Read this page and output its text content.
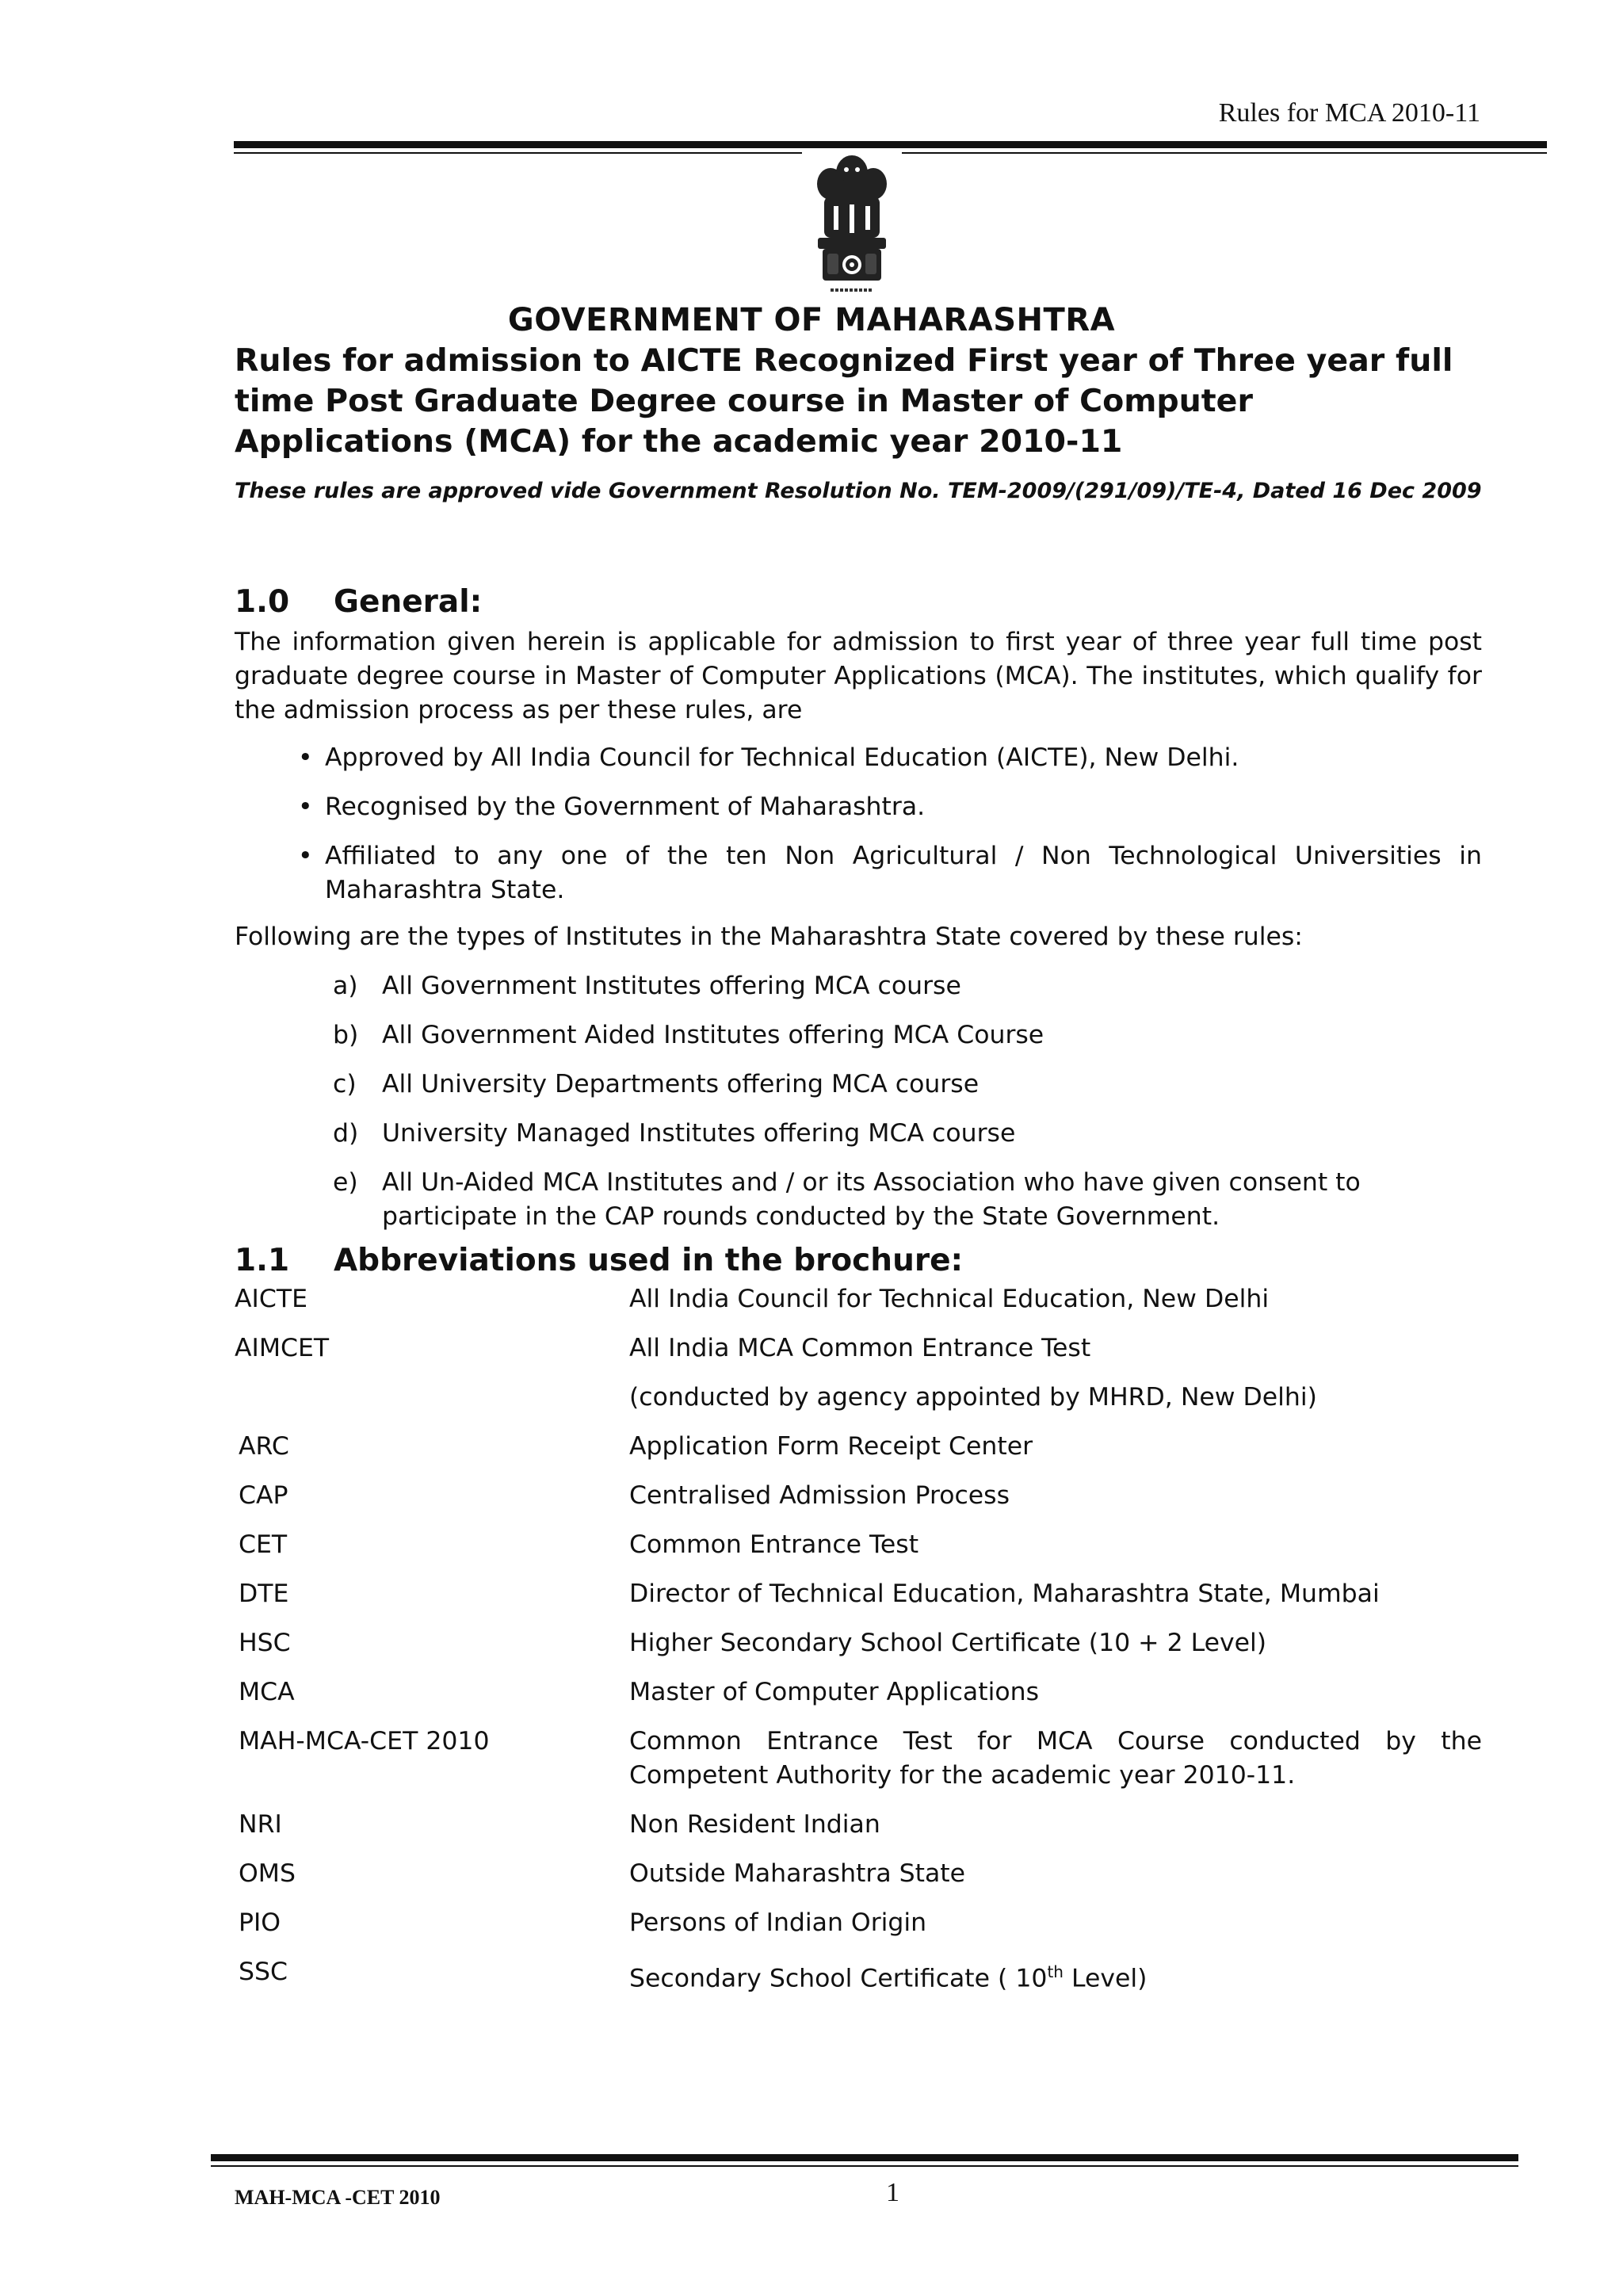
Rules for MCA 2010-11
GOVERNMENT OF MAHARASHTRA
Rules for admission to AICTE Recognized First year of Three year full time Post Graduate Degree course in Master of Computer Applications (MCA) for the academic year 2010-11
These rules are approved vide Government Resolution No. TEM-2009/(291/09)/TE-4, Dated 16 Dec 2009
1.0 General:
The information given herein is applicable for admission to first year of three year full time post graduate degree course in Master of Computer Applications (MCA). The institutes, which qualify for the admission process as per these rules, are
• Approved by All India Council for Technical Education (AICTE), New Delhi.
• Recognised by the Government of Maharashtra.
• Affiliated to any one of the ten Non Agricultural / Non Technological Universities in Maharashtra State.
Following are the types of Institutes in the Maharashtra State covered by these rules:
a) All Government Institutes offering MCA course
b) All Government Aided Institutes offering MCA Course
c) All University Departments offering MCA course
d) University Managed Institutes offering MCA course
e) All Un-Aided MCA Institutes and / or its Association who have given consent to participate in the CAP rounds conducted by the State Government.
1.1 Abbreviations used in the brochure:
AICTE	All India Council for Technical Education, New Delhi
AIMCET	All India MCA Common Entrance Test
(conducted by agency appointed by MHRD, New Delhi)
ARC	Application Form Receipt Center
CAP	Centralised Admission Process
CET	Common Entrance Test
DTE	Director of Technical Education, Maharashtra State, Mumbai
HSC	Higher Secondary School Certificate (10 + 2 Level)
MCA	Master of Computer Applications
MAH-MCA-CET 2010	Common Entrance Test for MCA Course conducted by the Competent Authority for the academic year 2010-11.
NRI	Non Resident Indian
OMS	Outside Maharashtra State
PIO	Persons of Indian Origin
SSC	Secondary School Certificate ( 10th Level)
MAH-MCA -CET 2010	1
